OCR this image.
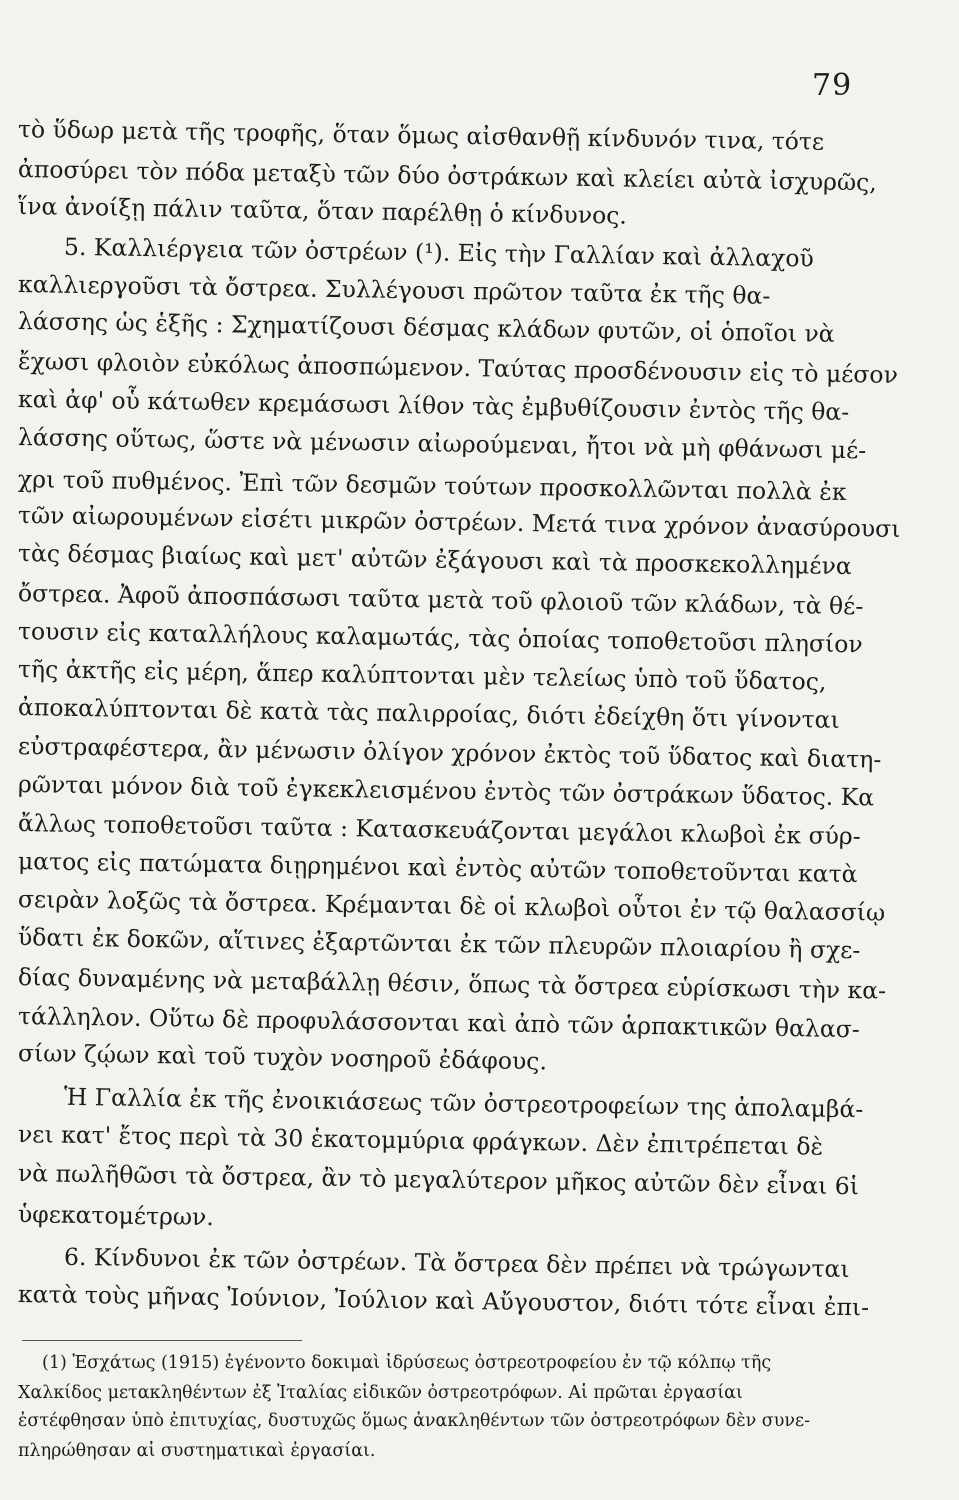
79
τὸ ὕδωρ μετὰ τῆς τροφῆς, ὅταν ὅμως αἰσθανθῇ κίνδυνόν τινα, τότε
ἀποσύρει τὸν πόδα μεταξὺ τῶν δύο ὀστράκων καὶ κλείει αὐτὰ ἰσχυρῶς,
ἵνα ἀνοίξῃ πάλιν ταῦτα, ὅταν παρέλθῃ ὁ κίνδυνος.
5. Καλλιέργεια τῶν ὀστρέων (¹). Εἰς τὴν Γαλλίαν καὶ ἀλλαχοῦ
καλλιεργοῦσι τὰ ὄστρεα. Συλλέγουσι πρῶτον ταῦτα ἐκ τῆς θα-
λάσσης ὡς ἑξῆς : Σχηματίζουσι δέσμας κλάδων φυτῶν, οἱ ὁποῖοι νὰ
ἔχωσι φλοιὸν εὐκόλως ἀποσπώμενον. Ταύτας προσδένουσιν εἰς τὸ μέσον
καὶ ἀφ' οὗ κάτωθεν κρεμάσωσι λίθον τὰς ἐμβυθίζουσιν ἐντὸς τῆς θα-
λάσσης οὕτως, ὥστε νὰ μένωσιν αἰωρούμεναι, ἤτοι νὰ μὴ φθάνωσι μέ-
χρι τοῦ πυθμένος. Ἐπὶ τῶν δεσμῶν τούτων προσκολλῶνται πολλὰ ἐκ
τῶν αἰωρουμένων εἰσέτι μικρῶν ὀστρέων. Μετά τινα χρόνον ἀνασύρουσι
τὰς δέσμας βιαίως καὶ μετ' αὐτῶν ἐξάγουσι καὶ τὰ προσκεκολλημένα
ὄστρεα. Ἀφοῦ ἀποσπάσωσι ταῦτα μετὰ τοῦ φλοιοῦ τῶν κλάδων, τὰ θέ-
τουσιν εἰς καταλλήλους καλαμωτάς, τὰς ὁποίας τοποθετοῦσι πλησίον
τῆς ἀκτῆς εἰς μέρη, ἅπερ καλύπτονται μὲν τελείως ὑπὸ τοῦ ὕδατος,
ἀποκαλύπτονται δὲ κατὰ τὰς παλιρροίας, διότι ἐδείχθη ὅτι γίνονται
εὐστραφέστερα, ἂν μένωσιν ὀλίγον χρόνον ἐκτὸς τοῦ ὕδατος καὶ διατη-
ρῶνται μόνον διὰ τοῦ ἐγκεκλεισμένου ἐντὸς τῶν ὀστράκων ὕδατος. Κα
ἄλλως τοποθετοῦσι ταῦτα : Κατασκευάζονται μεγάλοι κλωβοὶ ἐκ σύρ-
ματος εἰς πατώματα διῃρημένοι καὶ ἐντὸς αὐτῶν τοποθετοῦνται κατὰ
σειρὰν λοξῶς τὰ ὄστρεα. Κρέμανται δὲ οἱ κλωβοὶ οὗτοι ἐν τῷ θαλασσίῳ
ὕδατι ἐκ δοκῶν, αἵτινες ἐξαρτῶνται ἐκ τῶν πλευρῶν πλοιαρίου ἢ σχε-
δίας δυναμένης νὰ μεταβάλλῃ θέσιν, ὅπως τὰ ὄστρεα εὑρίσκωσι τὴν κα-
τάλληλον. Οὕτω δὲ προφυλάσσονται καὶ ἀπὸ τῶν ἁρπακτικῶν θαλασ-
σίων ζῴων καὶ τοῦ τυχὸν νοσηροῦ ἐδάφους.
Ἡ Γαλλία ἐκ τῆς ἐνοικιάσεως τῶν ὀστρεοτροφείων της ἀπολαμβά-
νει κατ' ἔτος περὶ τὰ 30 ἑκατομμύρια φράγκων. Δὲν ἐπιτρέπεται δὲ
νὰ πωλῆθῶσι τὰ ὄστρεα, ἂν τὸ μεγαλύτερον μῆκος αὐτῶν δὲν εἶναι 6ἱ
ὑφεκατομέτρων.
6. Κίνδυνοι ἐκ τῶν ὀστρέων. Τὰ ὄστρεα δὲν πρέπει νὰ τρώγωνται
κατὰ τοὺς μῆνας Ἰούνιον, Ἰούλιον καὶ Αὔγουστον, διότι τότε εἶναι ἐπι-
(1) Ἐσχάτως (1915) ἐγένοντο δοκιμαὶ ἱδρύσεως ὀστρεοτροφείου ἐν τῷ κόλπῳ τῆς
Χαλκίδος μετακληθέντων ἐξ Ἰταλίας εἰδικῶν ὀστρεοτρόφων. Αἱ πρῶται ἐργασίαι
ἐστέφθησαν ὑπὸ ἐπιτυχίας, δυστυχῶς ὅμως ἀνακληθέντων τῶν ὀστρεοτρόφων δὲν συνε-
πληρώθησαν αἱ συστηματικαὶ ἐργασίαι.
